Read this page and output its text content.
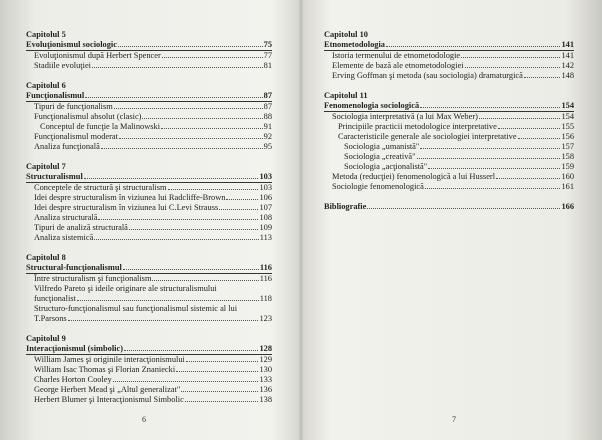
Capitolul 5
Evoluţionismul sociologic	75
Evoluţionismul după Herbert Spencer	77
Stadiile evoluţiei	81
Capitolul 6
Funcţionalismul	87
Tipuri de funcţionalism	87
Funcţionalismul absolut (clasic)	88
Conceptul de funcţie la Malinowski	91
Funcţionalismul moderat	92
Analiza funcţională	95
Capitolul 7
Structuralismul	103
Conceptele de structură şi structuralism	103
Idei despre structuralism în viziunea lui Radcliffe-Brown	106
Idei despre structuralism în viziunea lui C.Levi Strauss	107
Analiza structurală	108
Tipuri de analiză structurală	109
Analiza sistemică	113
Capitolul 8
Structural-funcţionalismul	116
Între structuralism şi funcţionalism	116
Vilfredo Pareto şi ideile originare ale structuralismului
funcţionalist	118
Structuro-funcţionalismul sau funcţionalismul sistemic al lui
T.Parsons	123
Capitolul 9
Interacţionismul (simbolic)	128
William James şi originile interacţionismului	129
William Isac Thomas şi Florian Znaniecki	130
Charles Horton Cooley	133
George Herbert Mead şi „Altul generalizat"	136
Herbert Blumer şi Interacţionismul Simbolic	138
6
Capitolul 10
Etnometodologia	141
Istoria termenului de etnometodologie	141
Elemente de bază ale etnometodologiei	142
Erving Goffman şi metoda (sau sociologia) dramaturgică	148
Capitolul 11
Fenomenologia sociologică	154
Sociologia interpretativă (a lui Max Weber)	154
Principiile practicii metodologice interpretative	155
Caracteristicile generale ale sociologiei interpretative	156
Sociologia „umanistă"	157
Sociologia „creativă"	158
Sociologia „acţionalistă"	159
Metoda (reducţiei) fenomenologică a lui Husserl	160
Sociologie fenomenologică	161
Bibliografie	166
7
